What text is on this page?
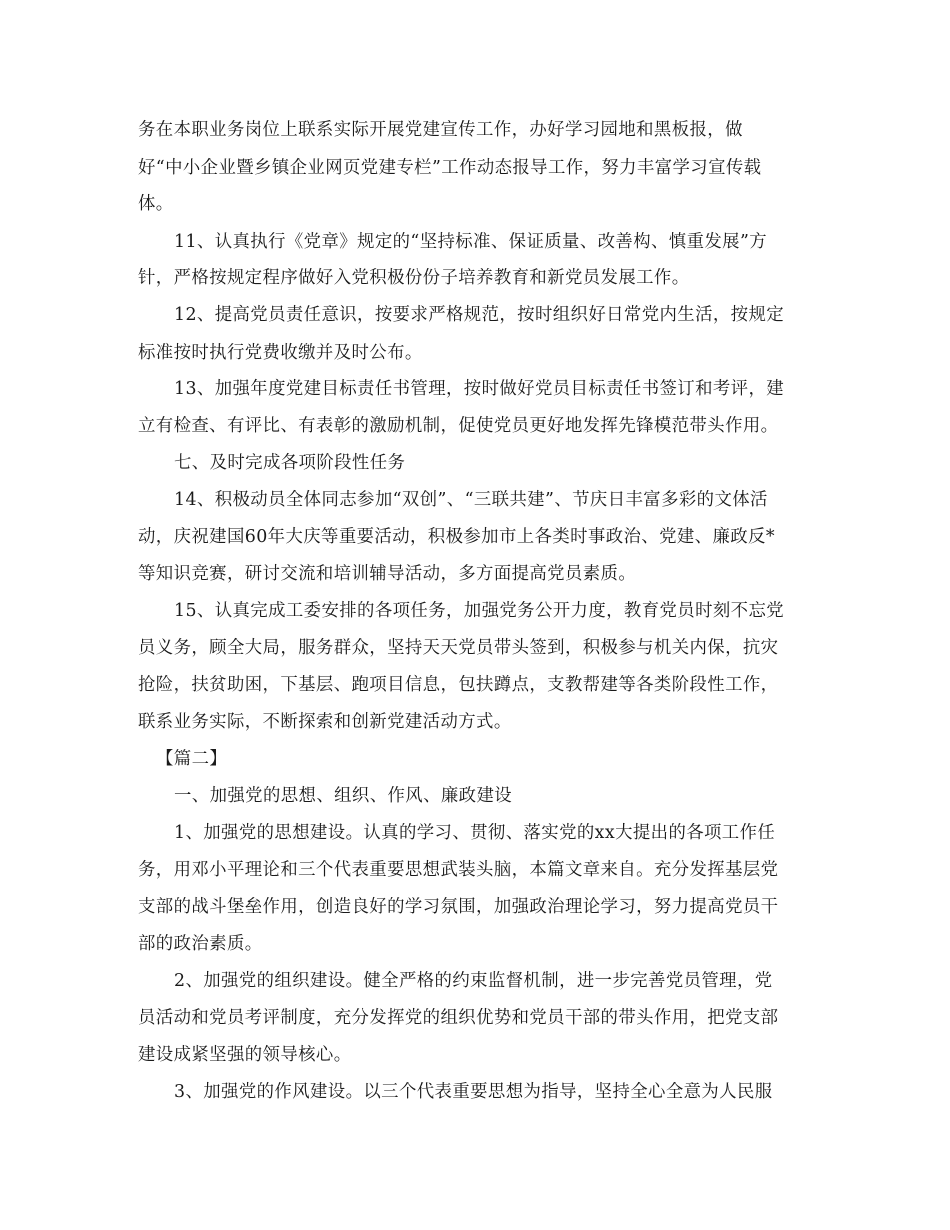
务在本职业务岗位上联系实际开展党建宣传工作，办好学习园地和黑板报，做
好“中小企业暨乡镇企业网页党建专栏”工作动态报导工作，努力丰富学习宣传载
体。
11、认真执行《党章》规定的“坚持标准、保证质量、改善构、慎重发展”方
针，严格按规定程序做好入党积极份份子培养教育和新党员发展工作。
12、提高党员责任意识，按要求严格规范，按时组织好日常党内生活，按规定
标准按时执行党费收缴并及时公布。
13、加强年度党建目标责任书管理，按时做好党员目标责任书签订和考评，建
立有检查、有评比、有表彰的激励机制，促使党员更好地发挥先锋模范带头作用。
七、及时完成各项阶段性任务
14、积极动员全体同志参加“双创”、“三联共建”、节庆日丰富多彩的文体活
动，庆祝建国60年大庆等重要活动，积极参加市上各类时事政治、党建、廉政反*
等知识竞赛，研讨交流和培训辅导活动，多方面提高党员素质。
15、认真完成工委安排的各项任务，加强党务公开力度，教育党员时刻不忘党
员义务，顾全大局，服务群众，坚持天天党员带头签到，积极参与机关内保，抗灾
抢险，扶贫助困，下基层、跑项目信息，包扶蹲点，支教帮建等各类阶段性工作，
联系业务实际，不断探索和创新党建活动方式。
【篇二】
一、加强党的思想、组织、作风、廉政建设
1、加强党的思想建设。认真的学习、贯彻、落实党的xx大提出的各项工作任
务，用邓小平理论和三个代表重要思想武装头脑，本篇文章来自。充分发挥基层党
支部的战斗堡垒作用，创造良好的学习氛围，加强政治理论学习，努力提高党员干
部的政治素质。
2、加强党的组织建设。健全严格的约束监督机制，进一步完善党员管理，党
员活动和党员考评制度，充分发挥党的组织优势和党员干部的带头作用，把党支部
建设成紧坚强的领导核心。
3、加强党的作风建设。以三个代表重要思想为指导，坚持全心全意为人民服
